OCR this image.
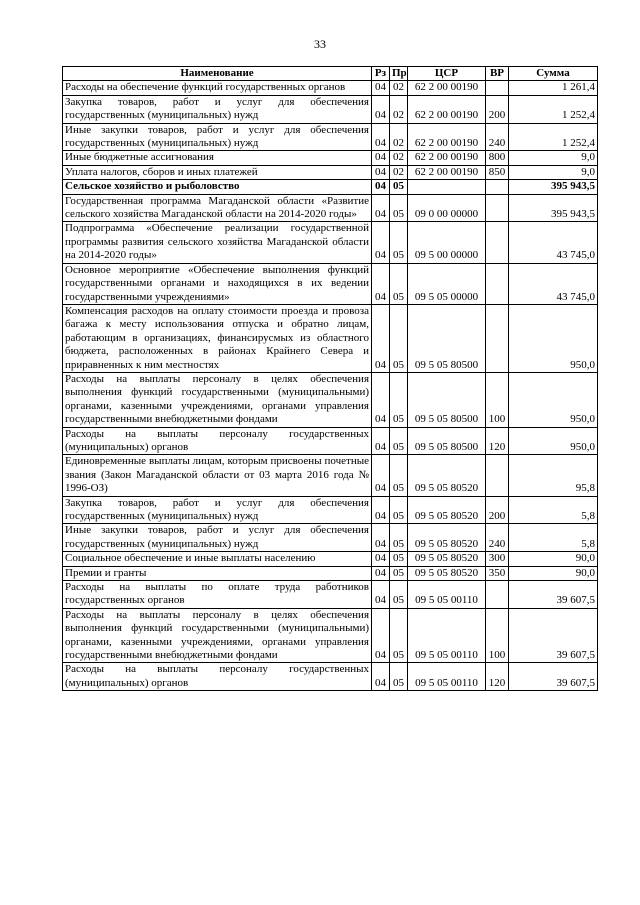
33
Наименование	Рз	Пр	ЦСР	ВР	Сумма
Расходы на обеспечение функций государственных органов	04	02	62 2 00 00190		1 261,4
Закупка товаров, работ и услуг для обеспечения государственных (муниципальных) нужд	04	02	62 2 00 00190	200	1 252,4
Иные закупки товаров, работ и услуг для обеспечения государственных (муниципальных) нужд	04	02	62 2 00 00190	240	1 252,4
Иные бюджетные ассигнования	04	02	62 2 00 00190	800	9,0
Уплата налогов, сборов и иных платежей	04	02	62 2 00 00190	850	9,0
Сельское хозяйство и рыболовство	04	05			395 943,5
Государственная программа Магаданской области «Развитие сельского хозяйства Магаданской области на 2014-2020 годы»	04	05	09 0 00 00000		395 943,5
Подпрограмма «Обеспечение реализации государственной программы развития сельского хозяйства Магаданской области на 2014-2020 годы»	04	05	09 5 00 00000		43 745,0
Основное мероприятие «Обеспечение выполнения функций государственными органами и находящихся в их ведении государственными учреждениями»	04	05	09 5 05 00000		43 745,0
Компенсация расходов на оплату стоимости проезда и провоза багажа к месту использования отпуска и обратно лицам, работающим в организациях, финансирусмых из областного бюджета, расположенных в районах Крайнего Севера и приравненных к ним местностях	04	05	09 5 05 80500		950,0
Расходы на выплаты персоналу в целях обеспечения выполнения функций государственными (муниципальными) органами, казенными учреждениями, органами управления государственными внебюджетными фондами	04	05	09 5 05 80500	100	950,0
Расходы на выплаты персоналу государственных (муниципальных) органов	04	05	09 5 05 80500	120	950,0
Единовременные выплаты лицам, которым присвоены почетные звания (Закон Магаданской области от 03 марта 2016 года № 1996-ОЗ)	04	05	09 5 05 80520		95,8
Закупка товаров, работ и услуг для обеспечения государственных (муниципальных) нужд	04	05	09 5 05 80520	200	5,8
Иные закупки товаров, работ и услуг для обеспечения государственных (муниципальных) нужд	04	05	09 5 05 80520	240	5,8
Социальное обеспечение и иные выплаты населению	04	05	09 5 05 80520	300	90,0
Премии и гранты	04	05	09 5 05 80520	350	90,0
Расходы на выплаты по оплате труда работников государственных органов	04	05	09 5 05 00110		39 607,5
Расходы на выплаты персоналу в целях обеспечения выполнения функций государственными (муниципальными) органами, казенными учреждениями, органами управления государственными внебюджетными фондами	04	05	09 5 05 00110	100	39 607,5
Расходы на выплаты персоналу государственных (муниципальных) органов	04	05	09 5 05 00110	120	39 607,5
